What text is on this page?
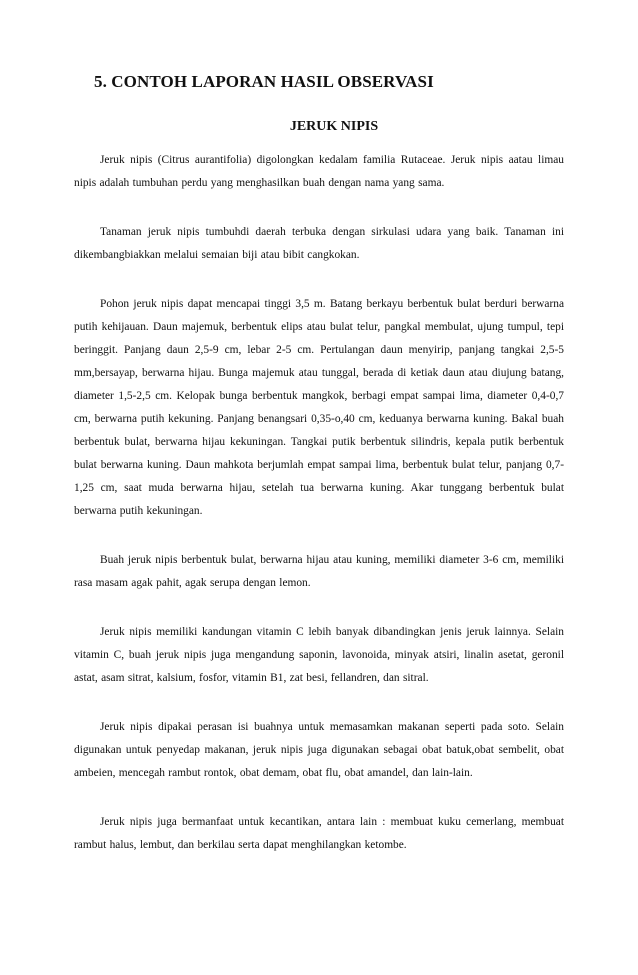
5. CONTOH LAPORAN HASIL OBSERVASI
JERUK NIPIS

Jeruk nipis (Citrus aurantifolia) digolongkan kedalam familia Rutaceae. Jeruk nipis aatau limau nipis adalah tumbuhan perdu yang menghasilkan buah dengan nama yang sama.

Tanaman jeruk nipis tumbuhdi daerah terbuka dengan sirkulasi udara yang baik. Tanaman ini dikembangbiakkan melalui semaian biji atau bibit cangkokan.

Pohon jeruk nipis dapat mencapai tinggi 3,5 m. Batang berkayu berbentuk bulat berduri berwarna putih kehijauan. Daun majemuk, berbentuk elips atau bulat telur, pangkal membulat, ujung tumpul, tepi beringgit. Panjang daun 2,5-9 cm, lebar 2-5 cm. Pertulangan daun menyirip, panjang tangkai 2,5-5 mm,bersayap, berwarna hijau. Bunga majemuk atau tunggal, berada di ketiak daun atau diujung batang, diameter 1,5-2,5 cm. Kelopak bunga berbentuk mangkok, berbagi empat sampai lima, diameter 0,4-0,7 cm, berwarna putih kekuning. Panjang benangsari 0,35-o,40 cm, keduanya berwarna kuning. Bakal buah berbentuk bulat, berwarna hijau kekuningan. Tangkai putik berbentuk silindris, kepala putik berbentuk bulat berwarna kuning. Daun mahkota berjumlah empat sampai lima, berbentuk bulat telur, panjang 0,7-1,25 cm, saat muda berwarna hijau, setelah tua berwarna kuning. Akar tunggang berbentuk bulat berwarna putih kekuningan.

Buah jeruk nipis berbentuk bulat, berwarna hijau atau kuning, memiliki diameter 3-6 cm, memiliki rasa masam agak pahit, agak serupa dengan lemon.

Jeruk nipis memiliki kandungan vitamin C lebih banyak dibandingkan jenis jeruk lainnya. Selain vitamin C, buah jeruk nipis juga mengandung saponin, lavonoida, minyak atsiri, linalin asetat, geronil astat, asam sitrat, kalsium, fosfor, vitamin B1, zat besi, fellandren, dan sitral.

Jeruk nipis dipakai perasan isi buahnya untuk memasamkan makanan seperti pada soto. Selain digunakan untuk penyedap makanan, jeruk nipis juga digunakan sebagai obat batuk,obat sembelit, obat ambeien, mencegah rambut rontok, obat demam, obat flu, obat amandel, dan lain-lain.

Jeruk nipis juga bermanfaat untuk kecantikan, antara lain : membuat kuku cemerlang, membuat rambut halus, lembut, dan berkilau serta dapat menghilangkan ketombe.
